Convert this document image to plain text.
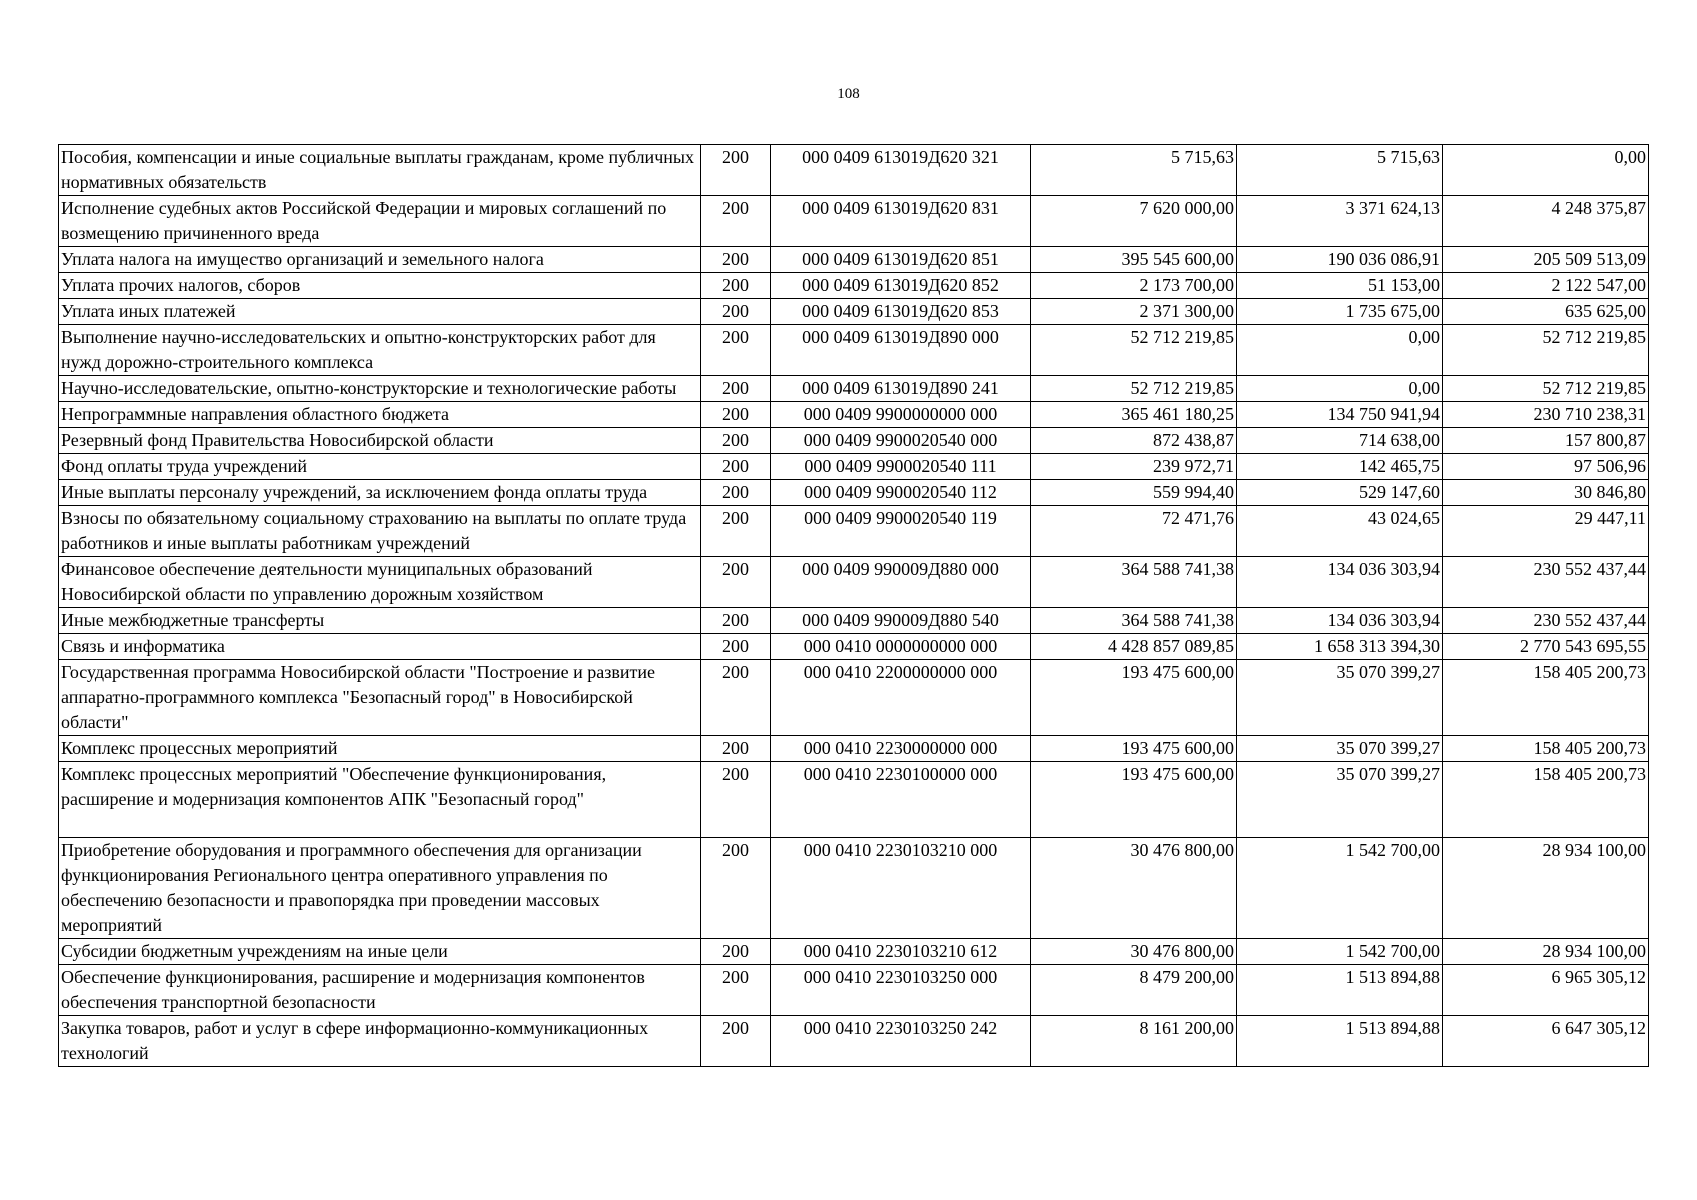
108
Пособия, компенсации и иные социальные выплаты гражданам, кроме публичных нормативных обязательств	200	000 0409 613019Д620 321	5 715,63	5 715,63	0,00
Исполнение судебных актов Российской Федерации и мировых соглашений по возмещению причиненного вреда	200	000 0409 613019Д620 831	7 620 000,00	3 371 624,13	4 248 375,87
Уплата налога на имущество организаций и земельного налога	200	000 0409 613019Д620 851	395 545 600,00	190 036 086,91	205 509 513,09
Уплата прочих налогов, сборов	200	000 0409 613019Д620 852	2 173 700,00	51 153,00	2 122 547,00
Уплата иных платежей	200	000 0409 613019Д620 853	2 371 300,00	1 735 675,00	635 625,00
Выполнение научно-исследовательских и опытно-конструкторских работ для нужд дорожно-строительного комплекса	200	000 0409 613019Д890 000	52 712 219,85	0,00	52 712 219,85
Научно-исследовательские, опытно-конструкторские и технологические работы	200	000 0409 613019Д890 241	52 712 219,85	0,00	52 712 219,85
Непрограммные направления областного бюджета	200	000 0409 9900000000 000	365 461 180,25	134 750 941,94	230 710 238,31
Резервный фонд Правительства Новосибирской области	200	000 0409 9900020540 000	872 438,87	714 638,00	157 800,87
Фонд оплаты труда учреждений	200	000 0409 9900020540 111	239 972,71	142 465,75	97 506,96
Иные выплаты персоналу учреждений, за исключением фонда оплаты труда	200	000 0409 9900020540 112	559 994,40	529 147,60	30 846,80
Взносы по обязательному социальному страхованию на выплаты по оплате труда работников и иные выплаты работникам учреждений	200	000 0409 9900020540 119	72 471,76	43 024,65	29 447,11
Финансовое обеспечение деятельности муниципальных образований Новосибирской области по управлению дорожным хозяйством	200	000 0409 990009Д880 000	364 588 741,38	134 036 303,94	230 552 437,44
Иные межбюджетные трансферты	200	000 0409 990009Д880 540	364 588 741,38	134 036 303,94	230 552 437,44
Связь и информатика	200	000 0410 0000000000 000	4 428 857 089,85	1 658 313 394,30	2 770 543 695,55
Государственная программа Новосибирской области "Построение и развитие аппаратно-программного комплекса "Безопасный город" в Новосибирской области"	200	000 0410 2200000000 000	193 475 600,00	35 070 399,27	158 405 200,73
Комплекс процессных мероприятий	200	000 0410 2230000000 000	193 475 600,00	35 070 399,27	158 405 200,73
Комплекс процессных мероприятий "Обеспечение функционирования, расширение и модернизация компонентов АПК "Безопасный город"	200	000 0410 2230100000 000	193 475 600,00	35 070 399,27	158 405 200,73
Приобретение оборудования и программного обеспечения для организации функционирования Регионального центра оперативного управления по обеспечению безопасности и правопорядка при проведении массовых мероприятий	200	000 0410 2230103210 000	30 476 800,00	1 542 700,00	28 934 100,00
Субсидии бюджетным учреждениям на иные цели	200	000 0410 2230103210 612	30 476 800,00	1 542 700,00	28 934 100,00
Обеспечение функционирования, расширение и модернизация компонентов обеспечения транспортной безопасности	200	000 0410 2230103250 000	8 479 200,00	1 513 894,88	6 965 305,12
Закупка товаров, работ и услуг в сфере информационно-коммуникационных технологий	200	000 0410 2230103250 242	8 161 200,00	1 513 894,88	6 647 305,12
